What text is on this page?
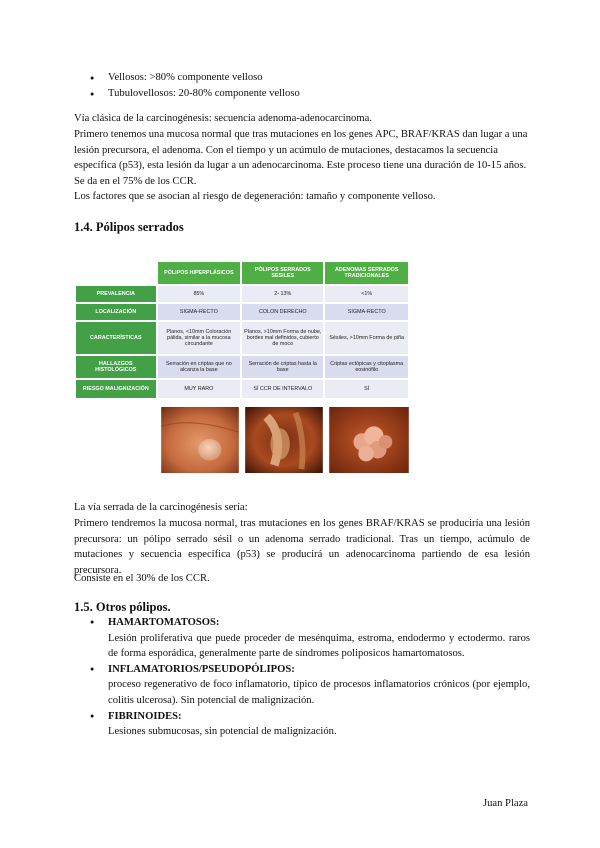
● Vellosos: >80% componente velloso
● Tubulovellosos: 20-80% componente velloso

Vía clásica de la carcinogénesis: secuencia adenoma-adenocarcinoma.

Primero tenemos una mucosa normal que tras mutaciones en los genes APC, BRAF/KRAS dan lugar a una lesión precursora, el adenoma. Con el tiempo y un acúmulo de mutaciones, destacamos la secuencia específica (p53), esta lesión da lugar a un adenocarcinoma. Este proceso tiene una duración de 10-15 años. Se da en el 75% de los CCR.

Los factores que se asocian al riesgo de degeneración: tamaño y componente velloso.

1.4. Pólipos serrados
	PÓLIPOS HIPERPLÁSICOS	PÓLIPOS SERRADOS SESILES	ADENOMAS SERRADOS TRADICIONALES
PREVALENCIA	85%	2- 13%	<1%
LOCALIZACIÓN	SIGMA-RECTO	COLON DERECHO	SIGMA-RECTO
CARACTERÍSTICAS	Planos, <10mm Coloración pálida, similar a la mucosa circundante	Planos, >10mm Forma de nube, bordes mal definidos, cubierto de moco	Sésiles, >10mm Forma de piña
HALLAZGOS HISTOLÓGICOS	Serración en criptas que no alcanza la base	Serración de criptas hasta la base	Criptas ectópicas y citoplasma eosinófilo
RIESGO MALIGNIZACIÓN	MUY RARO	SÍ CCR DE INTERVALO	SÍ

La vía serrada de la carcinogénesis sería:

Primero tendremos la mucosa normal, tras mutaciones en los genes BRAF/KRAS se produciría una lesión precursora: un pólipo serrado sésil o un adenoma serrado tradicional. Tras un tiempo, acúmulo de mutaciones y secuencia específica (p53) se producirá un adenocarcinoma partiendo de esa lesión precursora.

Consiste en el 30% de los CCR.

1.5. Otros pólipos.
● HAMARTOMATOSOS:
Lesión proliferativa que puede proceder de mesénquima, estroma, endodermo y ectodermo. raros de forma esporádica, generalmente parte de síndromes poliposicos hamartomatosos.
● INFLAMATORIOS/PSEUDOPÓLIPOS:
proceso regenerativo de foco inflamatorio, típico de procesos inflamatorios crónicos (por ejemplo, colitis ulcerosa). Sin potencial de malignización.
● FIBRINOIDES:
Lesiones submucosas, sin potencial de malignización.
Juan Plaza
